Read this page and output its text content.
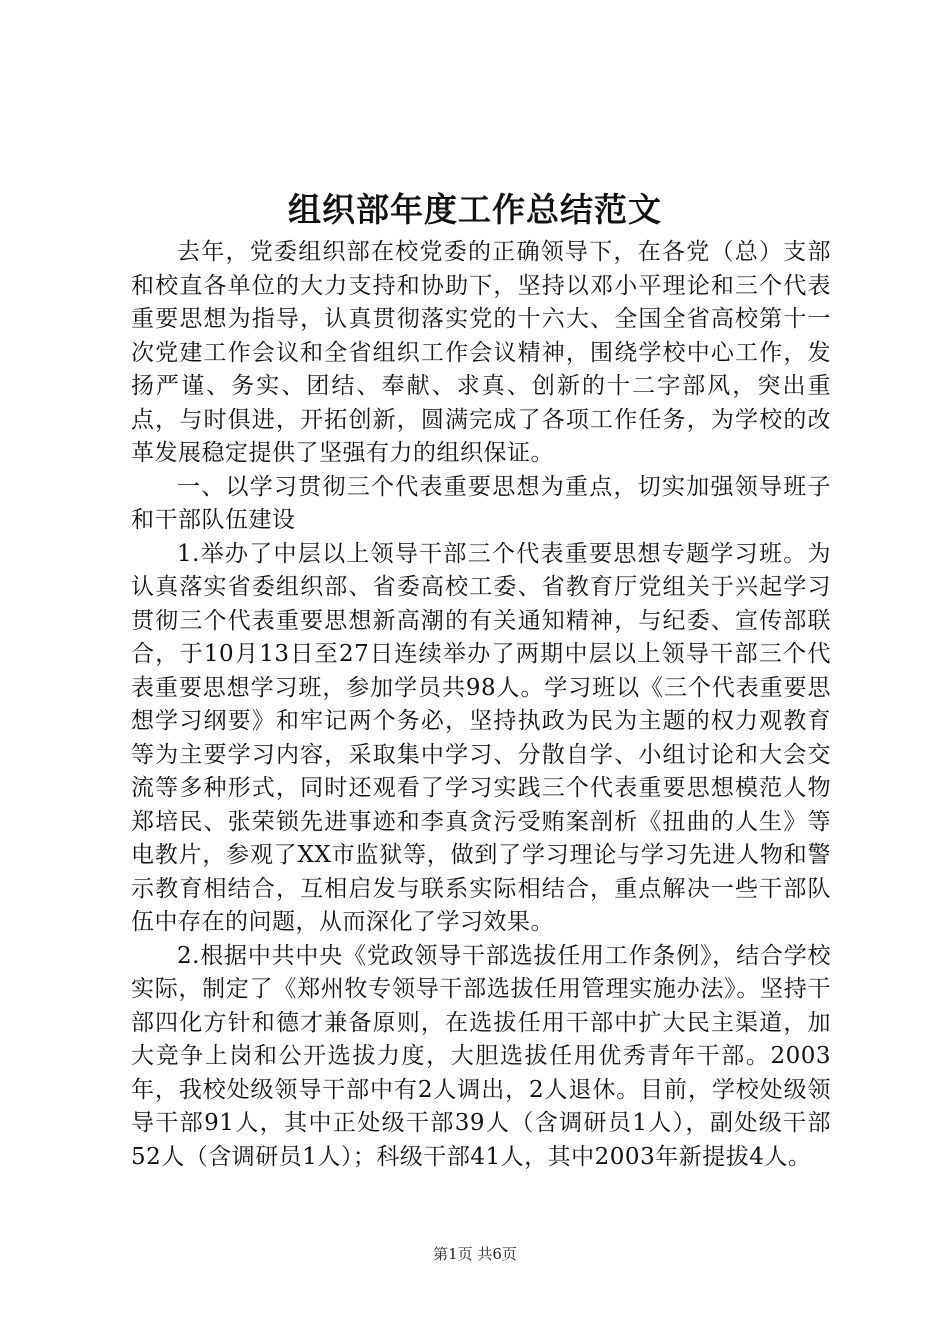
组织部年度工作总结范文

去年，党委组织部在校党委的正确领导下，在各党（总）支部和校直各单位的大力支持和协助下，坚持以邓小平理论和三个代表重要思想为指导，认真贯彻落实党的十六大、全国全省高校第十一次党建工作会议和全省组织工作会议精神，围绕学校中心工作，发扬严谨、务实、团结、奉献、求真、创新的十二字部风，突出重点，与时俱进，开拓创新，圆满完成了各项工作任务，为学校的改革发展稳定提供了坚强有力的组织保证。

一、以学习贯彻三个代表重要思想为重点，切实加强领导班子和干部队伍建设

1.举办了中层以上领导干部三个代表重要思想专题学习班。为认真落实省委组织部、省委高校工委、省教育厅党组关于兴起学习贯彻三个代表重要思想新高潮的有关通知精神，与纪委、宣传部联合，于10月13日至27日连续举办了两期中层以上领导干部三个代表重要思想学习班，参加学员共98人。学习班以《三个代表重要思想学习纲要》和牢记两个务必，坚持执政为民为主题的权力观教育等为主要学习内容，采取集中学习、分散自学、小组讨论和大会交流等多种形式，同时还观看了学习实践三个代表重要思想模范人物郑培民、张荣锁先进事迹和李真贪污受贿案剖析《扭曲的人生》等电教片，参观了XX市监狱等，做到了学习理论与学习先进人物和警示教育相结合，互相启发与联系实际相结合，重点解决一些干部队伍中存在的问题，从而深化了学习效果。

2.根据中共中央《党政领导干部选拔任用工作条例》，结合学校实际，制定了《郑州牧专领导干部选拔任用管理实施办法》。坚持干部四化方针和德才兼备原则，在选拔任用干部中扩大民主渠道，加大竞争上岗和公开选拔力度，大胆选拔任用优秀青年干部。2003年，我校处级领导干部中有2人调出，2人退休。目前，学校处级领导干部91人，其中正处级干部39人（含调研员1人），副处级干部52人（含调研员1人）；科级干部41人，其中2003年新提拔4人。

第1页 共6页
